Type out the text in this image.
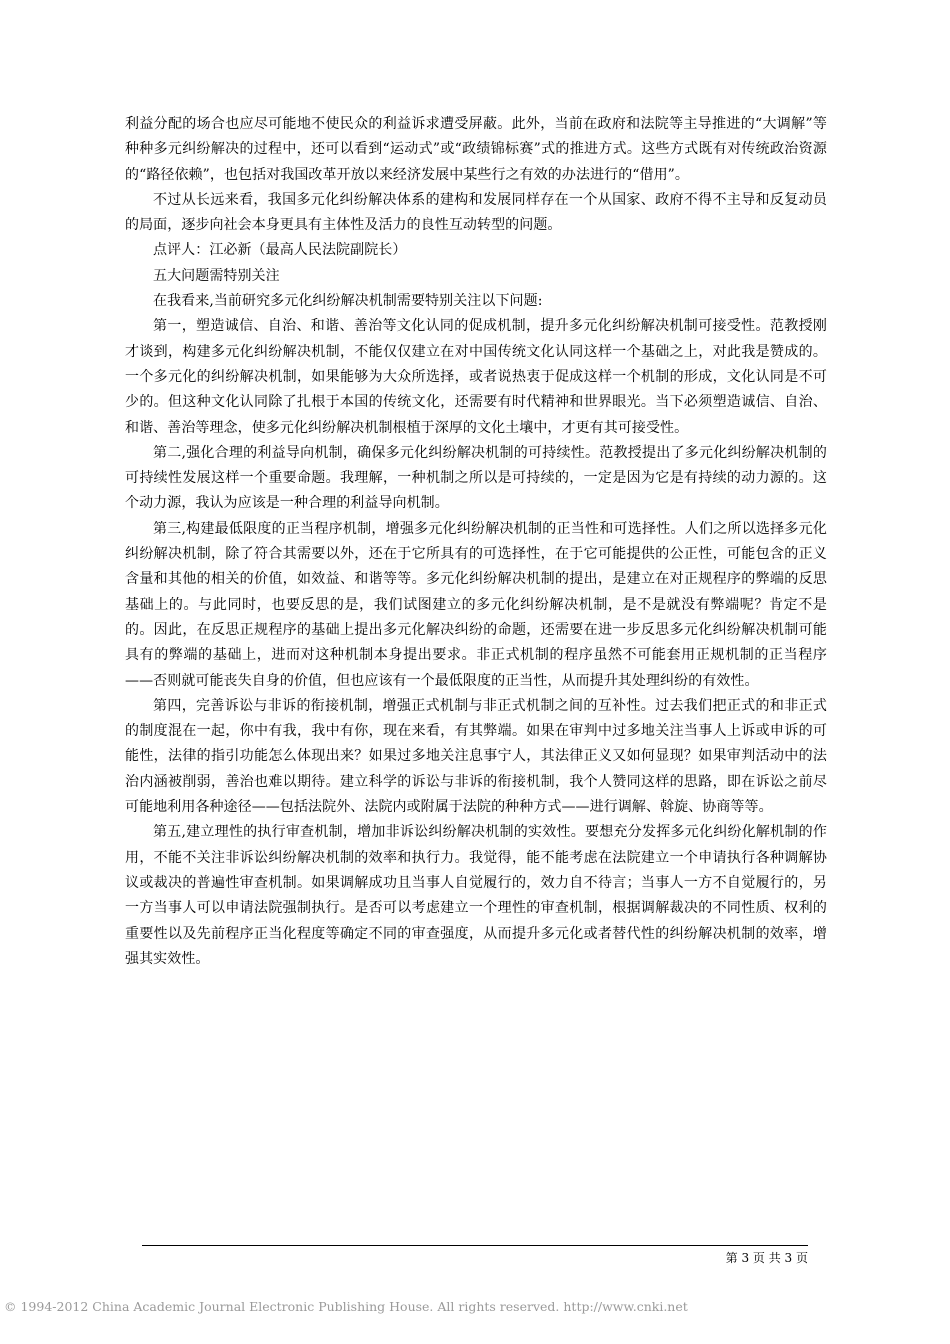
利益分配的场合也应尽可能地不使民众的利益诉求遭受屏蔽。此外，当前在政府和法院等主导推进的“大调解”等种种多元纠纷解决的过程中，还可以看到“运动式”或“政绩锦标赛”式的推进方式。这些方式既有对传统政治资源的“路径依赖”，也包括对我国改革开放以来经济发展中某些行之有效的办法进行的“借用”。

不过从长远来看，我国多元化纠纷解决体系的建构和发展同样存在一个从国家、政府不得不主导和反复动员的局面，逐步向社会本身更具有主体性及活力的良性互动转型的问题。

点评人：江必新（最高人民法院副院长）

五大问题需特别关注

在我看来,当前研究多元化纠纷解决机制需要特别关注以下问题:

第一，塑造诚信、自治、和谐、善治等文化认同的促成机制，提升多元化纠纷解决机制可接受性。范教授刚才谈到，构建多元化纠纷解决机制，不能仅仅建立在对中国传统文化认同这样一个基础之上，对此我是赞成的。一个多元化的纠纷解决机制，如果能够为大众所选择，或者说热衷于促成这样一个机制的形成，文化认同是不可少的。但这种文化认同除了扎根于本国的传统文化，还需要有时代精神和世界眼光。当下必须塑造诚信、自治、和谐、善治等理念，使多元化纠纷解决机制根植于深厚的文化土壤中，才更有其可接受性。

第二,强化合理的利益导向机制，确保多元化纠纷解决机制的可持续性。范教授提出了多元化纠纷解决机制的可持续性发展这样一个重要命题。我理解，一种机制之所以是可持续的，一定是因为它是有持续的动力源的。这个动力源，我认为应该是一种合理的利益导向机制。

第三,构建最低限度的正当程序机制，增强多元化纠纷解决机制的正当性和可选择性。人们之所以选择多元化纠纷解决机制，除了符合其需要以外，还在于它所具有的可选择性，在于它可能提供的公正性，可能包含的正义含量和其他的相关的价值，如效益、和谐等等。多元化纠纷解决机制的提出，是建立在对正规程序的弊端的反思基础上的。与此同时，也要反思的是，我们试图建立的多元化纠纷解决机制，是不是就没有弊端呢？肯定不是的。因此，在反思正规程序的基础上提出多元化解决纠纷的命题，还需要在进一步反思多元化纠纷解决机制可能具有的弊端的基础上，进而对这种机制本身提出要求。非正式机制的程序虽然不可能套用正规机制的正当程序——否则就可能丧失自身的价值，但也应该有一个最低限度的正当性，从而提升其处理纠纷的有效性。

第四，完善诉讼与非诉的衔接机制，增强正式机制与非正式机制之间的互补性。过去我们把正式的和非正式的制度混在一起，你中有我，我中有你，现在来看，有其弊端。如果在审判中过多地关注当事人上诉或申诉的可能性，法律的指引功能怎么体现出来？如果过多地关注息事宁人，其法律正义又如何显现？如果审判活动中的法治内涵被削弱，善治也难以期待。建立科学的诉讼与非诉的衔接机制，我个人赞同这样的思路，即在诉讼之前尽可能地利用各种途径——包括法院外、法院内或附属于法院的种种方式——进行调解、斡旋、协商等等。

第五,建立理性的执行审查机制，增加非诉讼纠纷解决机制的实效性。要想充分发挥多元化纠纷化解机制的作用，不能不关注非诉讼纠纷解决机制的效率和执行力。我觉得，能不能考虑在法院建立一个申请执行各种调解协议或裁决的普遍性审查机制。如果调解成功且当事人自觉履行的，效力自不待言；当事人一方不自觉履行的，另一方当事人可以申请法院强制执行。是否可以考虑建立一个理性的审查机制，根据调解裁决的不同性质、权利的重要性以及先前程序正当化程度等确定不同的审查强度，从而提升多元化或者替代性的纠纷解决机制的效率，增强其实效性。

第 3 页 共 3 页
© 1994-2012 China Academic Journal Electronic Publishing House. All rights reserved. http://www.cnki.net
